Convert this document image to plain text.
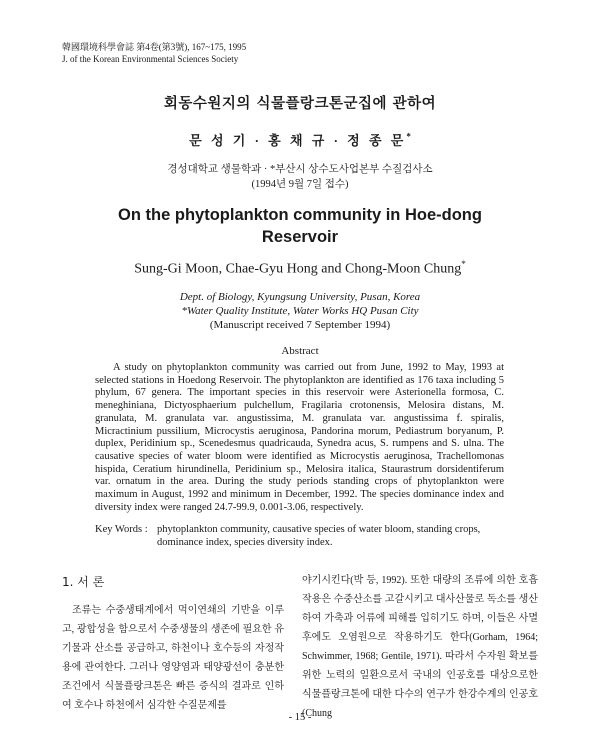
韓國環境科學會誌 第4卷(第3號), 167~175, 1995
J. of the Korean Environmental Sciences Society
회동수원지의 식물플랑크톤군집에 관하여
문 성 기 · 홍 채 규 · 정 종 문*
경성대학교 생물학과 · *부산시 상수도사업본부 수질검사소
(1994년 9월 7일 접수)
On the phytoplankton community in Hoe-dong
Reservoir
Sung-Gi Moon, Chae-Gyu Hong and Chong-Moon Chung*
Dept. of Biology, Kyungsung University, Pusan, Korea
*Water Quality Institute, Water Works HQ Pusan City
(Manuscript received 7 September 1994)
Abstract
A study on phytoplankton community was carried out from June, 1992 to May, 1993 at selected stations in Hoedong Reservoir. The phytoplankton are identified as 176 taxa including 5 phylum, 67 genera. The important species in this reservoir were Asterionella formosa, C. meneghiniana, Dictyosphaerium pulchellum, Fragilaria crotonensis, Melosira distans, M. granulata, M. granulata var. angustissima, M. granulata var. angustissima f. spiralis, Micractinium pussilium, Microcystis aeruginosa, Pandorina morum, Pediastrum boryanum, P. duplex, Peridinium sp., Scenedesmus quadricauda, Synedra acus, S. rumpens and S. ulna. The causative species of water bloom were identified as Microcystis aeruginosa, Trachellomonas hispida, Ceratium hirundinella, Peridinium sp., Melosira italica, Staurastrum dorsidentiferum var. ornatum in the area. During the study periods standing crops of phytoplankton were maximum in August, 1992 and minimum in December, 1992. The species dominance index and diversity index were ranged 24.7-99.9, 0.001-3.06, respectively.
Key Words : phytoplankton community, causative species of water bloom, standing crops, dominance index, species diversity index.
1. 서 론

조류는 수중생태계에서 먹이연쇄의 기반을 이루고, 광합성을 함으로서 수중생물의 생존에 필요한 유기물과 산소를 공급하고, 하천이나 호수등의 자정작용에 관여한다. 그러나 영양염과 태양광선이 충분한 조건에서 식물플랑크톤은 빠른 증식의 결과로 인하여 호수나 하천에서 심각한 수질문제를

야기시킨다(박 등, 1992). 또한 대량의 조류에 의한 호흡작용은 수중산소를 고갈시키고 대사산물로 독소를 생산하여 가축과 어류에 피해를 입히기도 하며, 이들은 사멸 후에도 오염원으로 작용하기도 한다(Gorham, 1964; Schwimmer, 1968; Gentile, 1971). 따라서 수자원 확보를 위한 노력의 일환으로서 국내의 인공호를 대상으로한 식물플랑크톤에 대한 다수의 연구가 한강수계의 인공호(Chung

- 15 -
